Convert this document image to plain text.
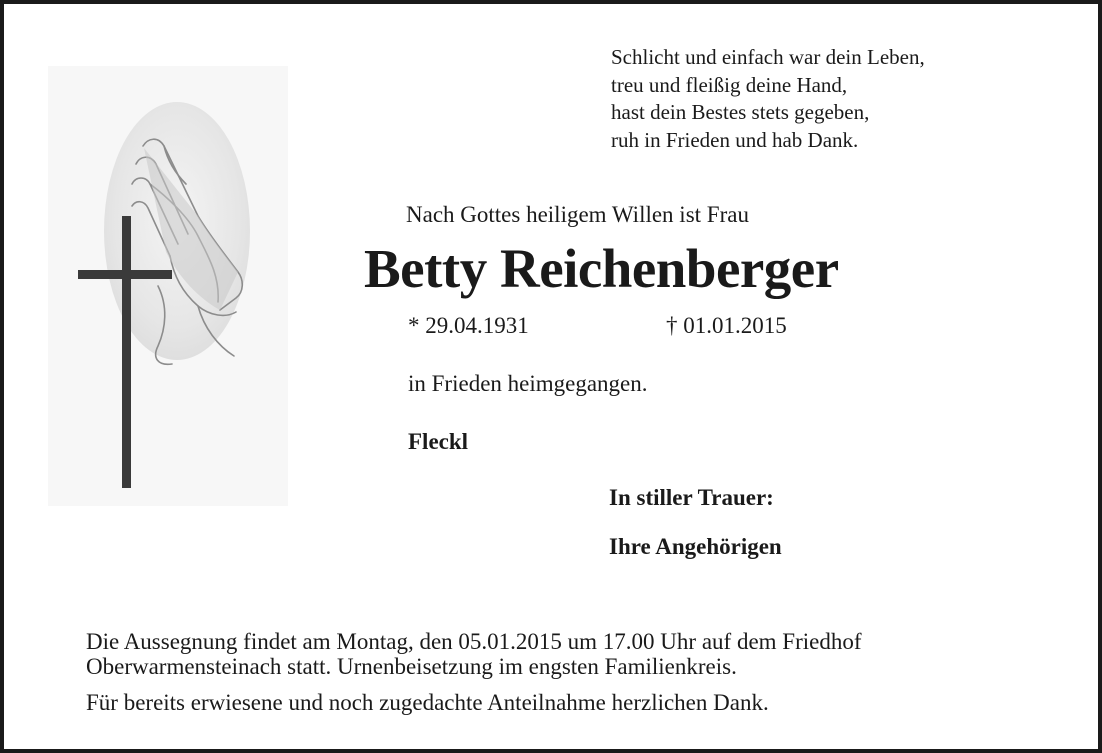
Schlicht und einfach war dein Leben,
treu und fleißig deine Hand,
hast dein Bestes stets gegeben,
ruh in Frieden und hab Dank.
Nach Gottes heiligem Willen ist Frau
Betty Reichenberger
* 29.04.1931	† 01.01.2015
in Frieden heimgegangen.
Fleckl
In stiller Trauer:
Ihre Angehörigen
Die Aussegnung findet am Montag, den 05.01.2015 um 17.00 Uhr auf dem Friedhof
Oberwarmensteinach statt. Urnenbeisetzung im engsten Familienkreis.
Für bereits erwiesene und noch zugedachte Anteilnahme herzlichen Dank.
